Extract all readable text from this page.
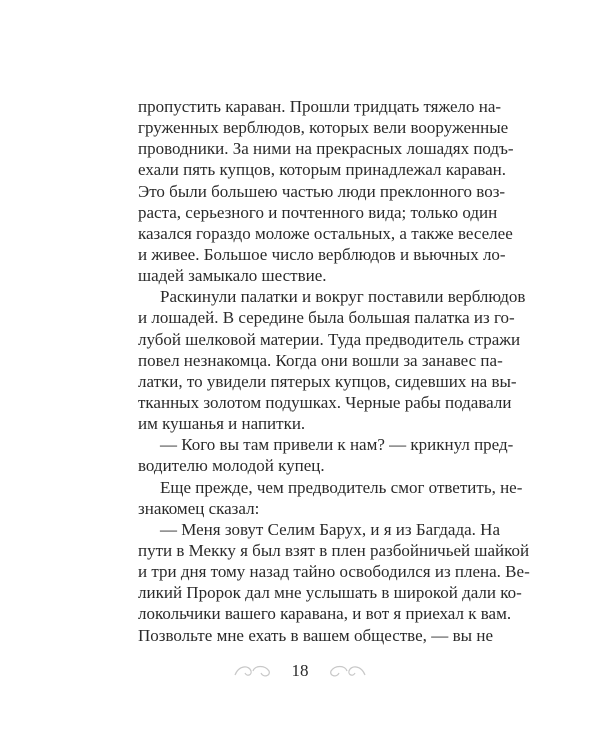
пропустить караван. Прошли тридцать тяжело на-
груженных верблюдов, которых вели вооруженные
проводники. За ними на прекрасных лошадях подъ-
ехали пять купцов, которым принадлежал караван.
Это были большею частью люди преклонного воз-
раста, серьезного и почтенного вида; только один
казался гораздо моложе остальных, а также веселее
и живее. Большое число верблюдов и вьючных ло-
шадей замыкало шествие.
Раскинули палатки и вокруг поставили верблюдов
и лошадей. В середине была большая палатка из го-
лубой шелковой материи. Туда предводитель стражи
повел незнакомца. Когда они вошли за занавес па-
латки, то увидели пятерых купцов, сидевших на вы-
тканных золотом подушках. Черные рабы подавали
им кушанья и напитки.
— Кого вы там привели к нам? — крикнул пред-
водителю молодой купец.
Еще прежде, чем предводитель смог ответить, не-
знакомец сказал:
— Меня зовут Селим Барух, и я из Багдада. На
пути в Мекку я был взят в плен разбойничьей шайкой
и три дня тому назад тайно освободился из плена. Ве-
ликий Пророк дал мне услышать в широкой дали ко-
локольчики вашего каравана, и вот я приехал к вам.
Позвольте мне ехать в вашем обществе, — вы не
18
